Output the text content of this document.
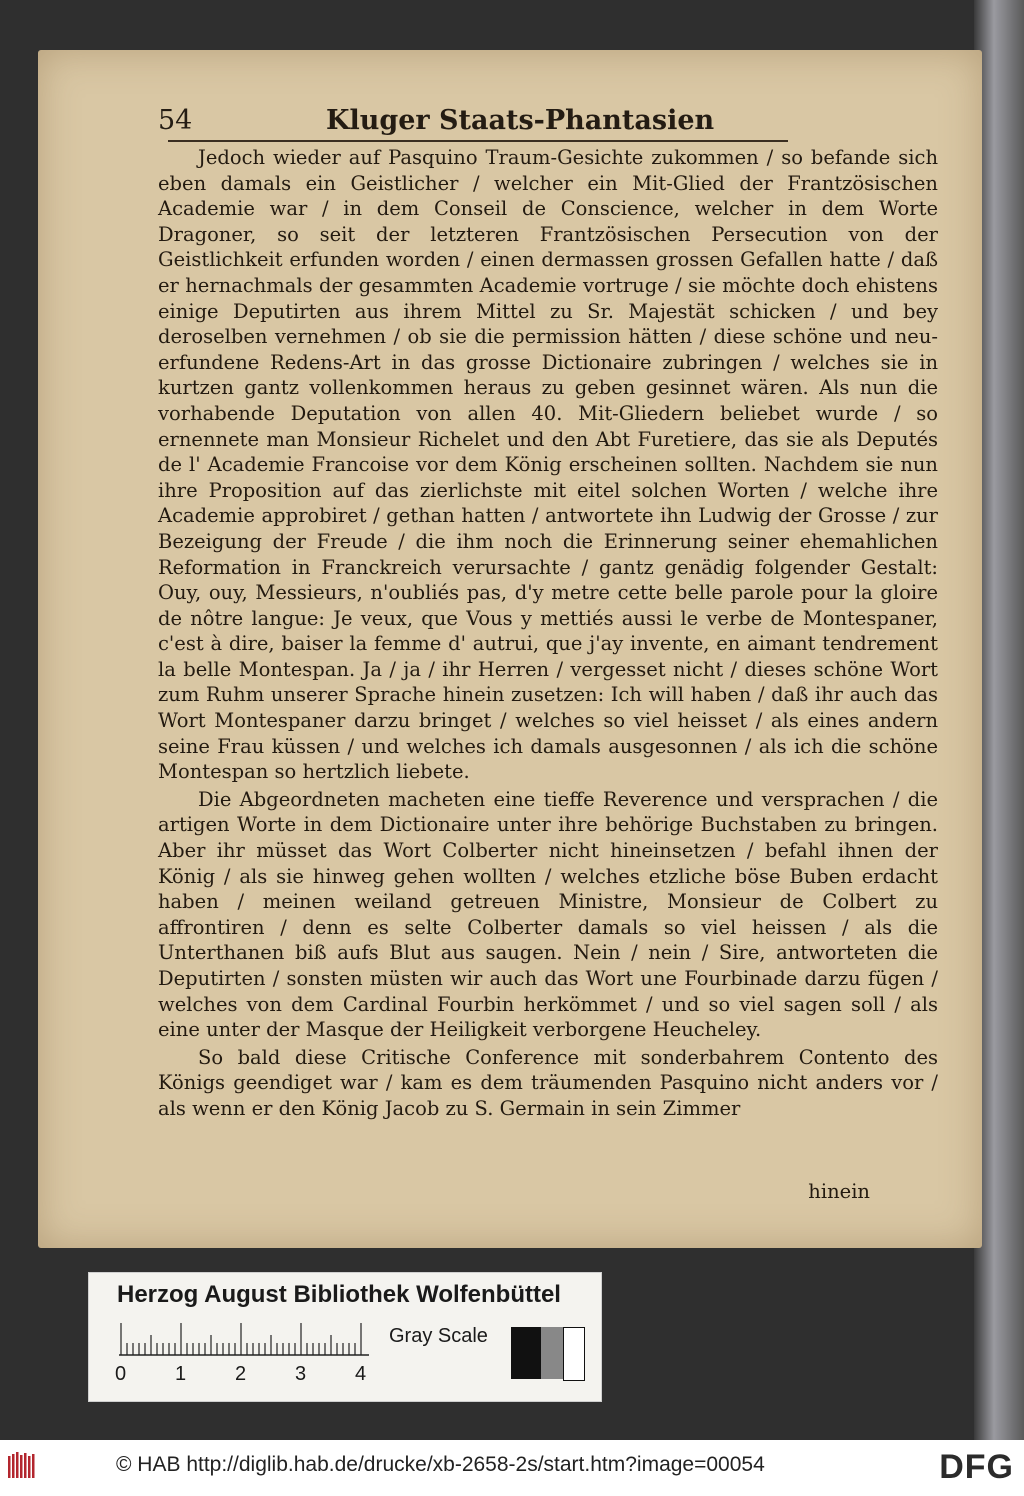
54	Kluger Staats-Phantasien

Jedoch wieder auf Pasquino Traum-Gesichte zukommen / so befande sich eben damals ein Geistlicher / welcher ein Mit-Glied der Frantzösischen Academie war / in dem Conseil de Conscience, welcher in dem Worte Dragoner, so seit der letzteren Frantzösischen Persecution von der Geistlichkeit erfunden worden / einen dermassen grossen Gefallen hatte / daß er hernachmals der gesammten Academie vortruge / sie möchte doch ehistens einige Deputirten aus ihrem Mittel zu Sr. Majestät schicken / und bey deroselben vernehmen / ob sie die permission hätten / diese schöne und neu-erfundene Redens-Art in das grosse Dictionaire zubringen / welches sie in kurtzen gantz vollenkommen heraus zu geben gesinnet wären. Als nun die vorhabende Deputation von allen 40. Mit-Gliedern beliebet wurde / so ernennete man Monsieur Richelet und den Abt Furetiere, das sie als Deputés de l' Academie Francoise vor dem König erscheinen sollten. Nachdem sie nun ihre Proposition auf das zierlichste mit eitel solchen Worten / welche ihre Academie approbiret / gethan hatten / antwortete ihn Ludwig der Grosse / zur Bezeigung der Freude / die ihm noch die Erinnerung seiner ehemahlichen Reformation in Franckreich verursachte / gantz genädig folgender Gestalt: Ouy, ouy, Messieurs, n'oubliés pas, d'y metre cette belle parole pour la gloire de nôtre langue: Je veux, que Vous y mettiés aussi le verbe de Montespaner, c'est à dire, baiser la femme d' autrui, que j'ay invente, en aimant tendrement la belle Montespan. Ja / ja / ihr Herren / vergesset nicht / dieses schöne Wort zum Ruhm unserer Sprache hinein zusetzen: Ich will haben / daß ihr auch das Wort Montespaner darzu bringet / welches so viel heisset / als eines andern seine Frau küssen / und welches ich damals ausgesonnen / als ich die schöne Montespan so hertzlich liebete.

Die Abgeordneten macheten eine tieffe Reverence und versprachen / die artigen Worte in dem Dictionaire unter ihre behörige Buchstaben zu bringen. Aber ihr müsset das Wort Colberter nicht hineinsetzen / befahl ihnen der König / als sie hinweg gehen wollten / welches etzliche böse Buben erdacht haben / meinen weiland getreuen Ministre, Monsieur de Colbert zu affrontiren / denn es selte Colberter damals so viel heissen / als die Unterthanen biß aufs Blut aus saugen. Nein / nein / Sire, antworteten die Deputirten / sonsten müsten wir auch das Wort une Fourbinade darzu fügen / welches von dem Cardinal Fourbin herkömmet / und so viel sagen soll / als eine unter der Masque der Heiligkeit verborgene Heucheley.

So bald diese Critische Conference mit sonderbahrem Contento des Königs geendiget war / kam es dem träumenden Pasquino nicht anders vor / als wenn er den König Jacob zu S. Germain in sein Zimmer

hinein
Herzog August Bibliothek Wolfenbüttel
Gray Scale
0 1 2 3 4
© HAB http://diglib.hab.de/drucke/xb-2658-2s/start.htm?image=00054	DFG
